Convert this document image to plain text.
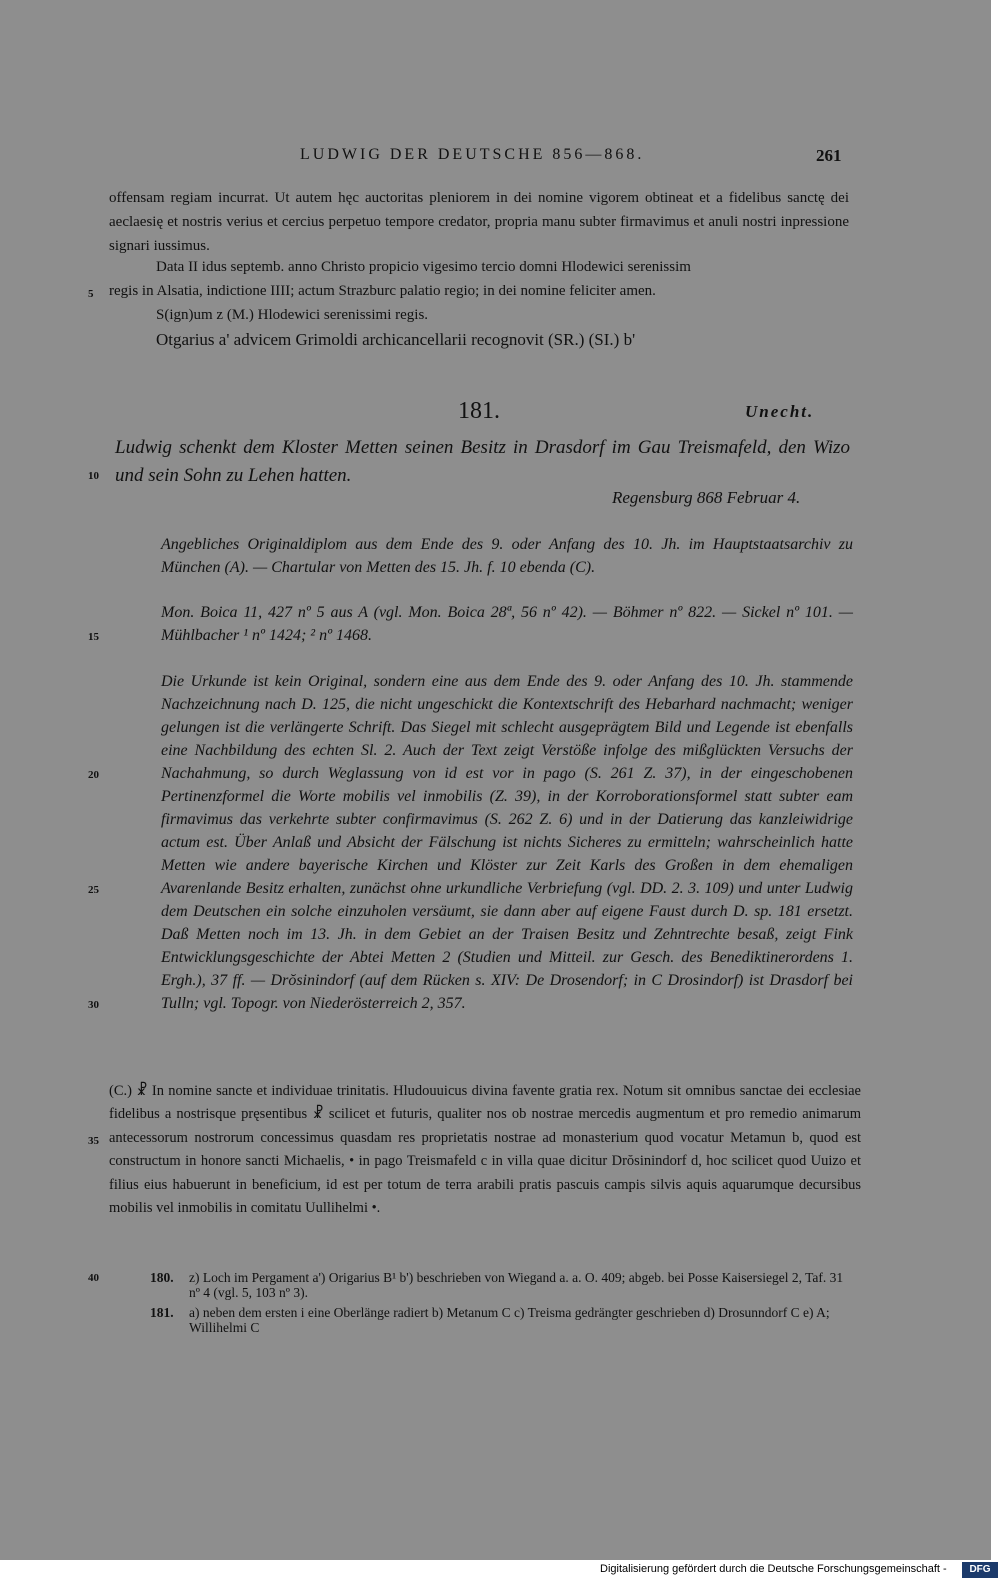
LUDWIG DER DEUTSCHE 856—868.	261
offensam regiam incurrat. Ut autem hęc auctoritas pleniorem in dei nomine vigorem obtineat et a fidelibus sanctę dei aeclaesię et nostris verius et cercius perpetuo tempore credator, propria manu subter firmavimus et anuli nostri inpressione signari iussimus.
Data II idus septemb. anno Christo propicio vigesimo tercio domni Hlodewici serenissim
regis in Alsatia, indictione IIII; actum Strazburc palatio regio; in dei nomine feliciter amen.
S(ign)um z (M.) Hlodewici serenissimi regis.
Otgarius a' advicem Grimoldi archicancellarii recognovit (SR.) (SI.) b'
181.	Unecht.
Ludwig schenkt dem Kloster Metten seinen Besitz in Drasdorf im Gau Treismafeld, den Wizo und sein Sohn zu Lehen hatten.
Regensburg 868 Februar 4.
Angebliches Originaldiplom aus dem Ende des 9. oder Anfang des 10. Jh. im Hauptstaatsarchiv zu München (A). — Chartular von Metten des 15. Jh. f. 10 ebenda (C).
Mon. Boica 11, 427 nº 5 aus A (vgl. Mon. Boica 28ª, 56 nº 42). — Böhmer nº 822. — Sickel nº 101. — Mühlbacher ¹ nº 1424; ² nº 1468.
Die Urkunde ist kein Original, sondern eine aus dem Ende des 9. oder Anfang des 10. Jh. stammende Nachzeichnung nach D. 125, die nicht ungeschickt die Kontextschrift des Hebarhard nachmacht; weniger gelungen ist die verlängerte Schrift. Das Siegel mit schlecht ausgeprägtem Bild und Legende ist ebenfalls eine Nachbildung des echten Sl. 2. Auch der Text zeigt Verstöße infolge des mißglückten Versuchs der Nachahmung, so durch Weglassung von id est vor in pago (S. 261 Z. 37), in der eingeschobenen Pertinenzformel die Worte mobilis vel inmobilis (Z. 39), in der Korroborationsformel statt subter eam firmavimus das verkehrte subter confirmavimus (S. 262 Z. 6) und in der Datierung das kanzleiwidrige actum est. Über Anlaß und Absicht der Fälschung ist nichts Sicheres zu ermitteln; wahrscheinlich hatte Metten wie andere bayerische Kirchen und Klöster zur Zeit Karls des Großen in dem ehemaligen Avarenlande Besitz erhalten, zunächst ohne urkundliche Verbriefung (vgl. DD. 2. 3. 109) und unter Ludwig dem Deutschen ein solche einzuholen versäumt, sie dann aber auf eigene Faust durch D. sp. 181 ersetzt. Daß Metten noch im 13. Jh. in dem Gebiet an der Traisen Besitz und Zehntrechte besaß, zeigt Fink Entwicklungsgeschichte der Abtei Metten 2 (Studien und Mitteil. zur Gesch. des Benediktinerordens 1. Ergh.), 37 ff. — Drŏsinindorf (auf dem Rücken s. XIV: De Drosendorf; in C Drosindorf) ist Drasdorf bei Tulln; vgl. Topogr. von Niederösterreich 2, 357.
(C.) ☧ In nomine sancte et individuae trinitatis. Hludouuicus divina favente gratia rex. Notum sit omnibus sanctae dei ecclesiae fidelibus a nostrisque pręsentibus ☧ scilicet et futuris, qualiter nos ob nostrae mercedis augmentum et pro remedio animarum antecessorum nostrorum concessimus quasdam res proprietatis nostrae ad monasterium quod vocatur Metamun b, quod est constructum in honore sancti Michaelis, • in pago Treismafeld c in villa quae dicitur Drŏsinindorf d, hoc scilicet quod Uuizo et filius eius habuerunt in beneficium, id est per totum de terra arabili pratis pascuis campis silvis aquis aquarumque decursibus mobilis vel inmobilis in comitatu Uullihelmi •.
5
10
15
20
25
30
35
40	180. z) Loch im Pergament a') Origarius B¹ b') beschrieben von Wiegand a. a. O. 409; abgeb. bei Posse Kaisersiegel 2, Taf. 31 nº 4 (vgl. 5, 103 nº 3).
181. a) neben dem ersten i eine Oberlänge radiert b) Metanum C c) Treisma gedrängter geschrieben d) Drosunndorf C e) A; Willihelmi C
Digitalisierung gefördert durch die Deutsche Forschungsgemeinschaft -	DFG
